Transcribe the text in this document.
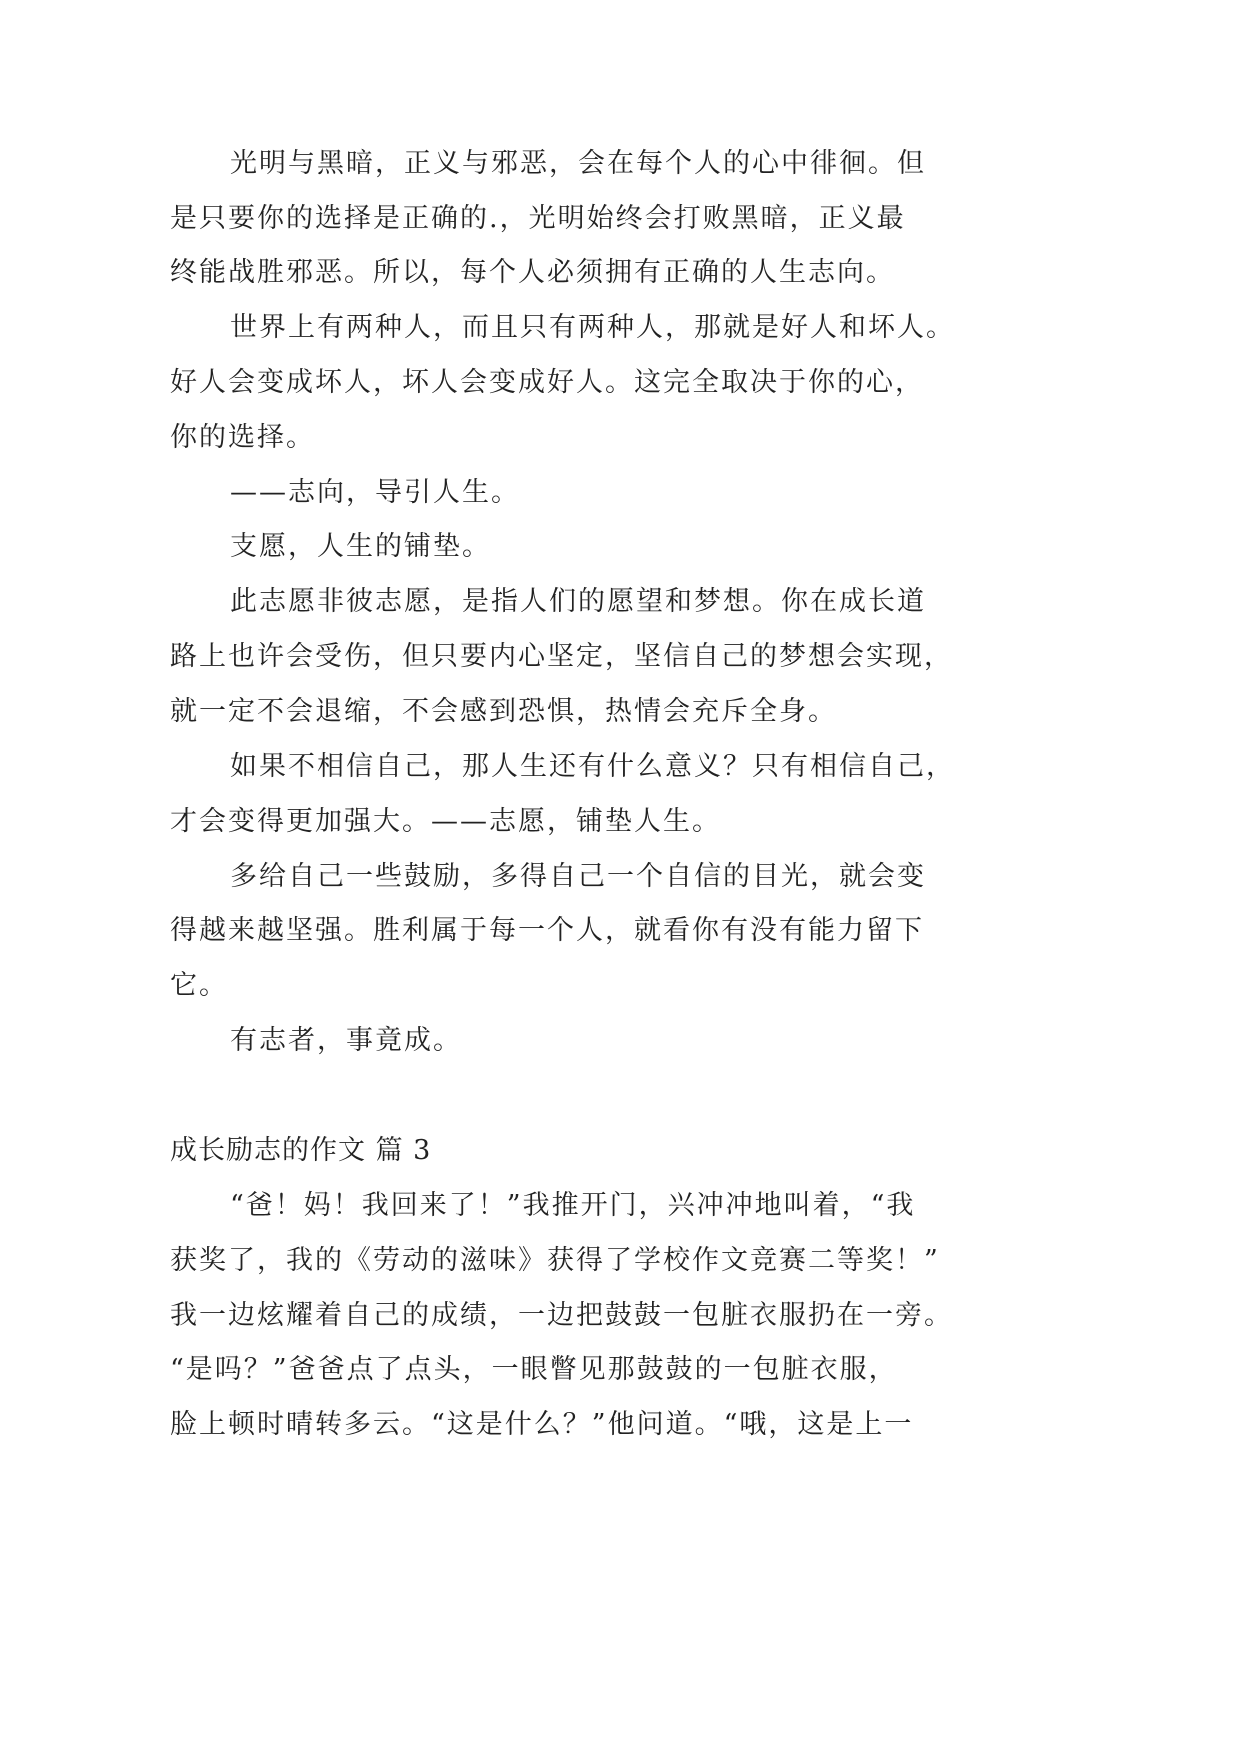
光明与黑暗，正义与邪恶，会在每个人的心中徘徊。但
是只要你的选择是正确的.，光明始终会打败黑暗，正义最
终能战胜邪恶。所以，每个人必须拥有正确的人生志向。
世界上有两种人，而且只有两种人，那就是好人和坏人。
好人会变成坏人，坏人会变成好人。这完全取决于你的心，
你的选择。
——志向，导引人生。
支愿，人生的铺垫。
此志愿非彼志愿，是指人们的愿望和梦想。你在成长道
路上也许会受伤，但只要内心坚定，坚信自己的梦想会实现，
就一定不会退缩，不会感到恐惧，热情会充斥全身。
如果不相信自己，那人生还有什么意义？只有相信自己，
才会变得更加强大。——志愿，铺垫人生。
多给自己一些鼓励，多得自己一个自信的目光，就会变
得越来越坚强。胜利属于每一个人，就看你有没有能力留下
它。
有志者，事竟成。
成长励志的作文 篇 3
“爸！妈！我回来了！”我推开门，兴冲冲地叫着，“我
获奖了，我的《劳动的滋味》获得了学校作文竞赛二等奖！”
我一边炫耀着自己的成绩，一边把鼓鼓一包脏衣服扔在一旁。
“是吗？”爸爸点了点头，一眼瞥见那鼓鼓的一包脏衣服，
脸上顿时晴转多云。“这是什么？”他问道。“哦，这是上一
